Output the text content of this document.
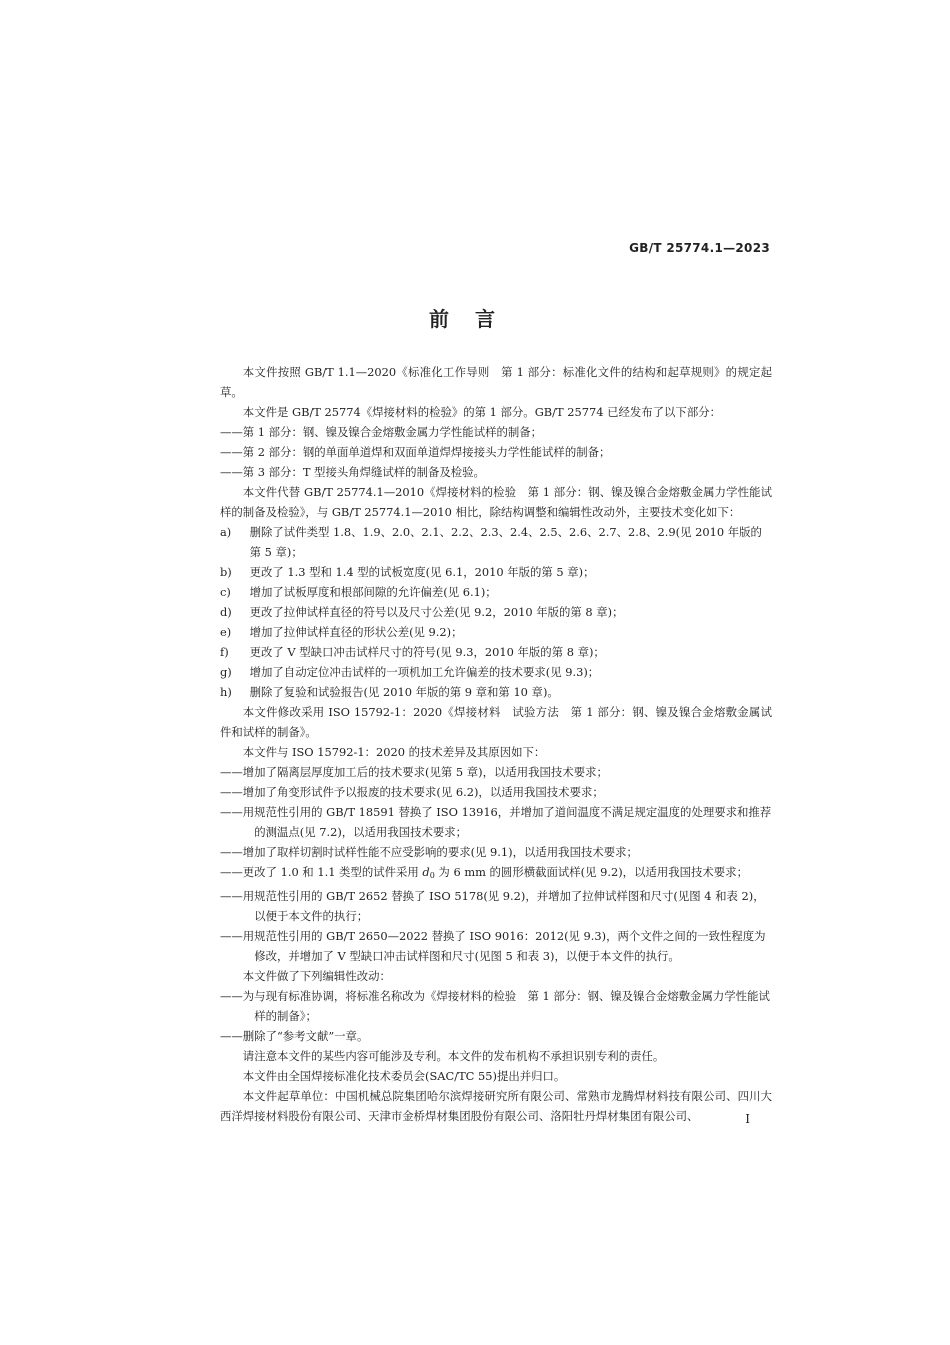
GB/T 25774.1—2023
前言

本文件按照 GB/T 1.1—2020《标准化工作导则　第 1 部分：标准化文件的结构和起草规则》的规定起草。

本文件是 GB/T 25774《焊接材料的检验》的第 1 部分。GB/T 25774 已经发布了以下部分：

——第 1 部分：钢、镍及镍合金熔敷金属力学性能试样的制备；

——第 2 部分：钢的单面单道焊和双面单道焊焊接接头力学性能试样的制备；

——第 3 部分：T 型接头角焊缝试样的制备及检验。

本文件代替 GB/T 25774.1—2010《焊接材料的检验　第 1 部分：钢、镍及镍合金熔敷金属力学性能试样的制备及检验》，与 GB/T 25774.1—2010 相比，除结构调整和编辑性改动外，主要技术变化如下：

a) 删除了试件类型 1.8、1.9、2.0、2.1、2.2、2.3、2.4、2.5、2.6、2.7、2.8、2.9(见 2010 年版的第 5 章)；

b) 更改了 1.3 型和 1.4 型的试板宽度(见 6.1，2010 年版的第 5 章)；

c) 增加了试板厚度和根部间隙的允许偏差(见 6.1)；

d) 更改了拉伸试样直径的符号以及尺寸公差(见 9.2，2010 年版的第 8 章)；

e) 增加了拉伸试样直径的形状公差(见 9.2)；

f) 更改了 V 型缺口冲击试样尺寸的符号(见 9.3，2010 年版的第 8 章)；

g) 增加了自动定位冲击试样的一项机加工允许偏差的技术要求(见 9.3)；

h) 删除了复验和试验报告(见 2010 年版的第 9 章和第 10 章)。

本文件修改采用 ISO 15792-1：2020《焊接材料　试验方法　第 1 部分：钢、镍及镍合金熔敷金属试件和试样的制备》。

本文件与 ISO 15792-1：2020 的技术差异及其原因如下：

——增加了隔离层厚度加工后的技术要求(见第 5 章)，以适用我国技术要求；

——增加了角变形试件予以报废的技术要求(见 6.2)，以适用我国技术要求；

——用规范性引用的 GB/T 18591 替换了 ISO 13916，并增加了道间温度不满足规定温度的处理要求和推荐的测温点(见 7.2)，以适用我国技术要求；

——增加了取样切割时试样性能不应受影响的要求(见 9.1)，以适用我国技术要求；

——更改了 1.0 和 1.1 类型的试件采用 $d_0$ 为 6 mm 的圆形横截面试样(见 9.2)，以适用我国技术要求；

——用规范性引用的 GB/T 2652 替换了 ISO 5178(见 9.2)，并增加了拉伸试样图和尺寸(见图 4 和表 2)，以便于本文件的执行；

——用规范性引用的 GB/T 2650—2022 替换了 ISO 9016：2012(见 9.3)，两个文件之间的一致性程度为修改，并增加了 V 型缺口冲击试样图和尺寸(见图 5 和表 3)，以便于本文件的执行。

本文件做了下列编辑性改动：

——为与现有标准协调，将标准名称改为《焊接材料的检验　第 1 部分：钢、镍及镍合金熔敷金属力学性能试样的制备》；

——删除了“参考文献”一章。

请注意本文件的某些内容可能涉及专利。本文件的发布机构不承担识别专利的责任。

本文件由全国焊接标准化技术委员会(SAC/TC 55)提出并归口。

本文件起草单位：中国机械总院集团哈尔滨焊接研究所有限公司、常熟市龙腾焊材料技有限公司、四川大西洋焊接材料股份有限公司、天津市金桥焊材集团股份有限公司、洛阳牡丹焊材集团有限公司、	I
